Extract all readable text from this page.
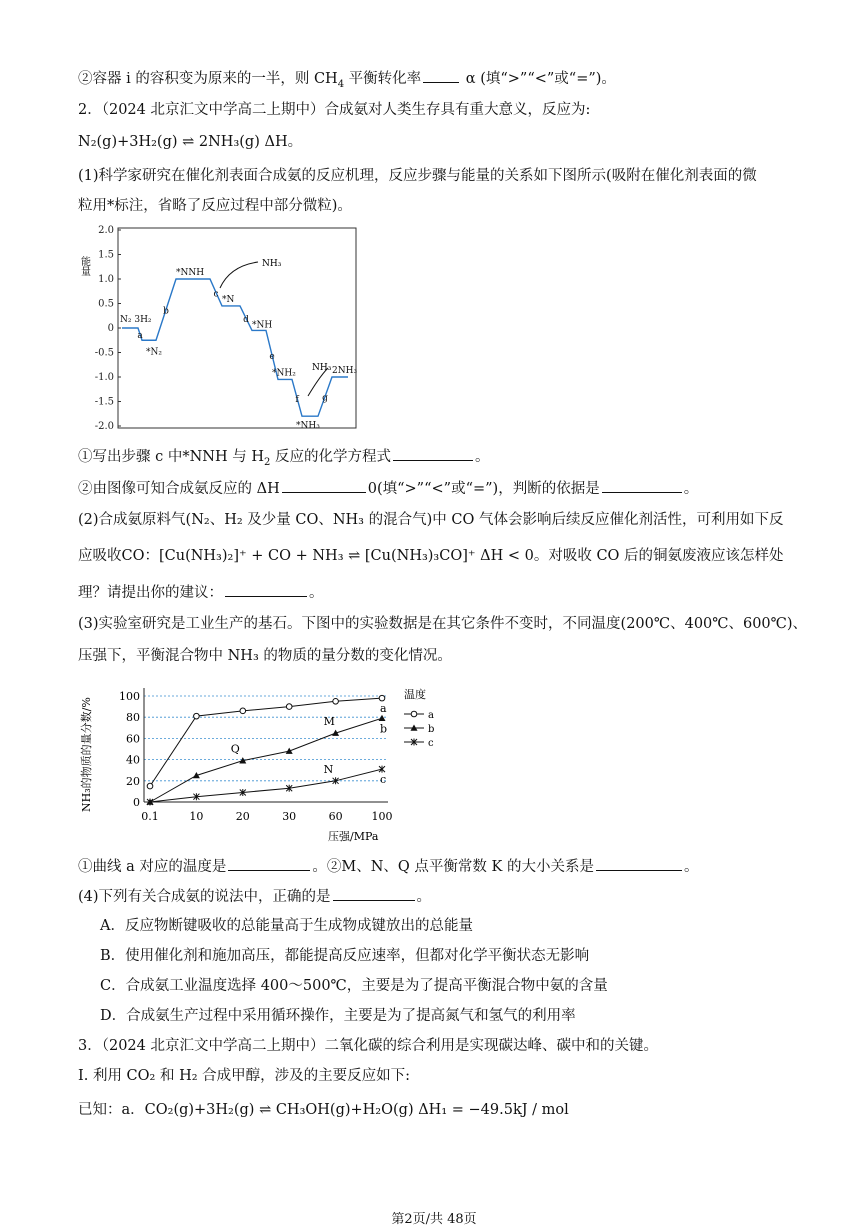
②容器 i 的容积变为原来的一半，则 $CH_4$ 平衡转化率	α (填“>”“<”或“=”)。
2．（2024 北京汇文中学高二上期中）合成氨对人类生存具有重大意义，反应为:
N₂(g)+3H₂(g) ⇌ 2NH₃(g) ΔH。
(1)科学家研究在催化剂表面合成氨的反应机理，反应步骤与能量的关系如下图所示(吸附在催化剂表面的微
粒用*标注，省略了反应过程中部分微粒)。
2.0
1.5
1.0
0.5
0
-0.5
-1.0
-1.5
-2.0
能量
N₂ 3H₂
*N₂
*NNH
*N
*NH
*NH₂
*NH₃
2NH₃
a
b
c
d
e
f	g
NH₃
NH₃
①写出步骤 c 中*NNH 与 $H_2$ 反应的化学方程式	。
②由图像可知合成氨反应的 ΔH	0(填“>”“<”或“=”)，判断的依据是	。
(2)合成氨原料气(N₂、H₂ 及少量 CO、NH₃ 的混合气)中 CO 气体会影响后续反应催化剂活性，可利用如下反
应吸收CO：[Cu(NH₃)₂]⁺ + CO + NH₃ ⇌ [Cu(NH₃)₃CO]⁺ ΔH < 0。对吸收 CO 后的铜氨废液应该怎样处
理？请提出你的建议：	。
(3)实验室研究是工业生产的基石。下图中的实验数据是在其它条件不变时，不同温度(200℃、400℃、600℃)、
压强下，平衡混合物中 NH₃ 的物质的量分数的变化情况。
0
20
40
60
80
100
0.1	10	20	30	60	100
a
b
c
Q
M
N
温度
a
b
c
NH₃的物质的量分数/%
压强/MPa
①曲线 a 对应的温度是	。②M、N、Q 点平衡常数 K 的大小关系是	。
(4)下列有关合成氨的说法中，正确的是	。
A．反应物断键吸收的总能量高于生成物成键放出的总能量
B．使用催化剂和施加高压，都能提高反应速率，但都对化学平衡状态无影响
C．合成氨工业温度选择 400～500℃，主要是为了提高平衡混合物中氨的含量
D．合成氨生产过程中采用循环操作，主要是为了提高氮气和氢气的利用率
3．（2024 北京汇文中学高二上期中）二氧化碳的综合利用是实现碳达峰、碳中和的关键。
I. 利用 CO₂ 和 H₂ 合成甲醇，涉及的主要反应如下:
已知：a．CO₂(g)+3H₂(g) ⇌ CH₃OH(g)+H₂O(g) ΔH₁ = −49.5kJ / mol
第2页/共 48页
